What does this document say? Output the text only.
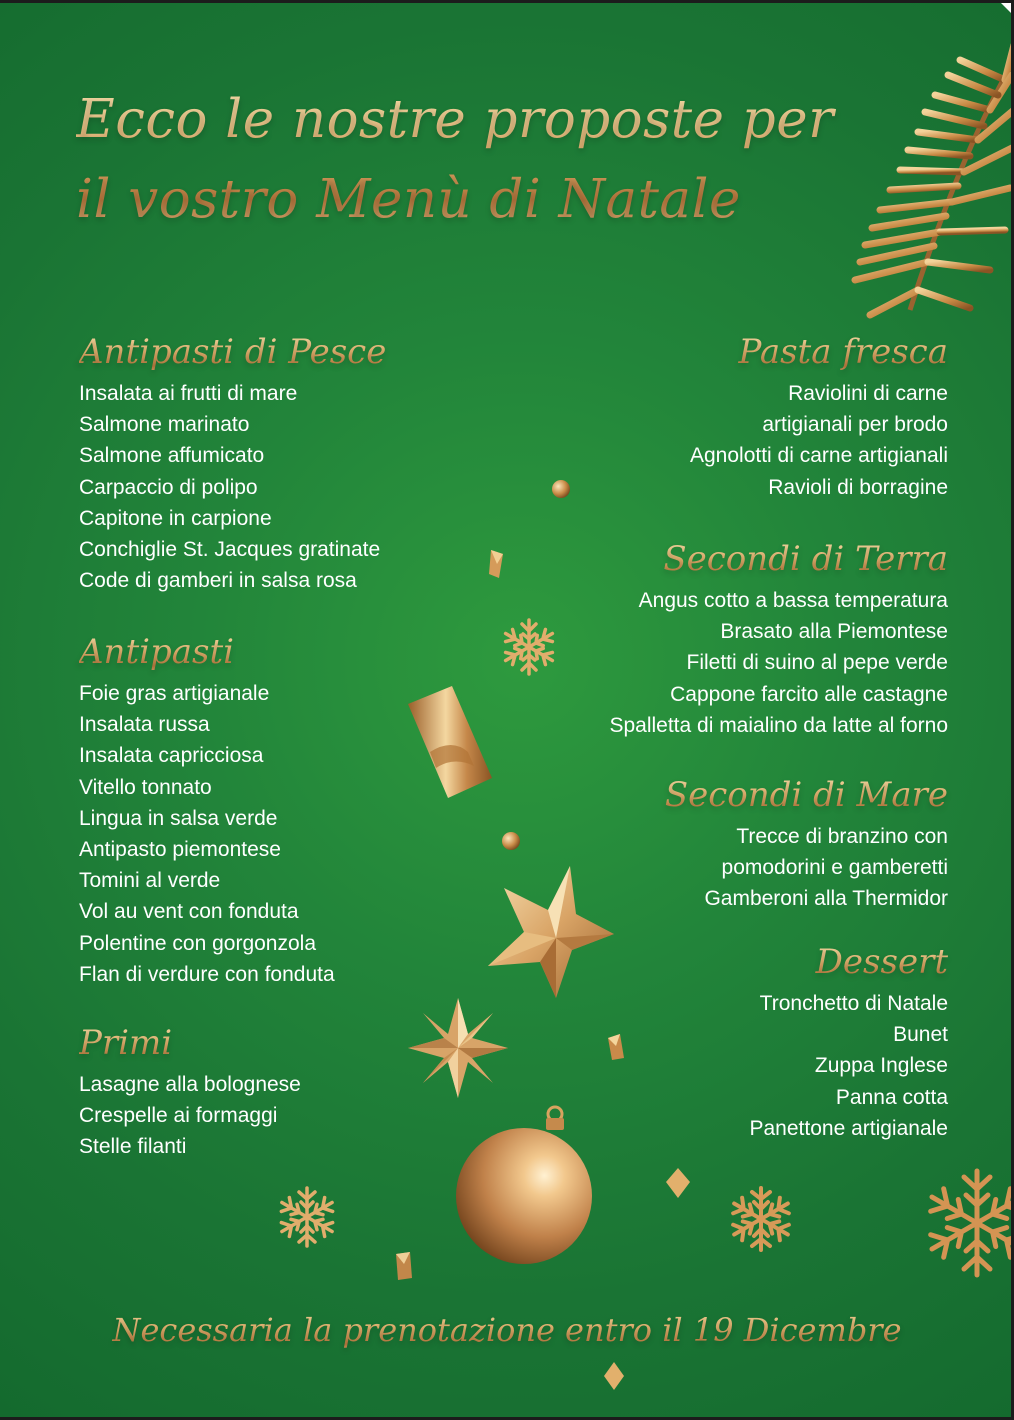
Ecco le nostre proposte per
il vostro Menù di Natale
Antipasti di Pesce
Insalata ai frutti di mare
Salmone marinato
Salmone affumicato
Carpaccio di polipo
Capitone in carpione
Conchiglie St. Jacques gratinate
Code di gamberi in salsa rosa
Antipasti
Foie gras artigianale
Insalata russa
Insalata capricciosa
Vitello tonnato
Lingua in salsa verde
Antipasto piemontese
Tomini al verde
Vol au vent con fonduta
Polentine con gorgonzola
Flan di verdure con fonduta
Primi
Lasagne alla bolognese
Crespelle ai formaggi
Stelle filanti
Pasta fresca
Raviolini di carne
artigianali per brodo
Agnolotti di carne artigianali
Ravioli di borragine
Secondi di Terra
Angus cotto a bassa temperatura
Brasato alla Piemontese
Filetti di suino al pepe verde
Cappone farcito alle castagne
Spalletta di maialino da latte al forno
Secondi di Mare
Trecce di branzino con
pomodorini e gamberetti
Gamberoni alla Thermidor
Dessert
Tronchetto di Natale
Bunet
Zuppa Inglese
Panna cotta
Panettone artigianale

Necessaria la prenotazione entro il 19 Dicembre
